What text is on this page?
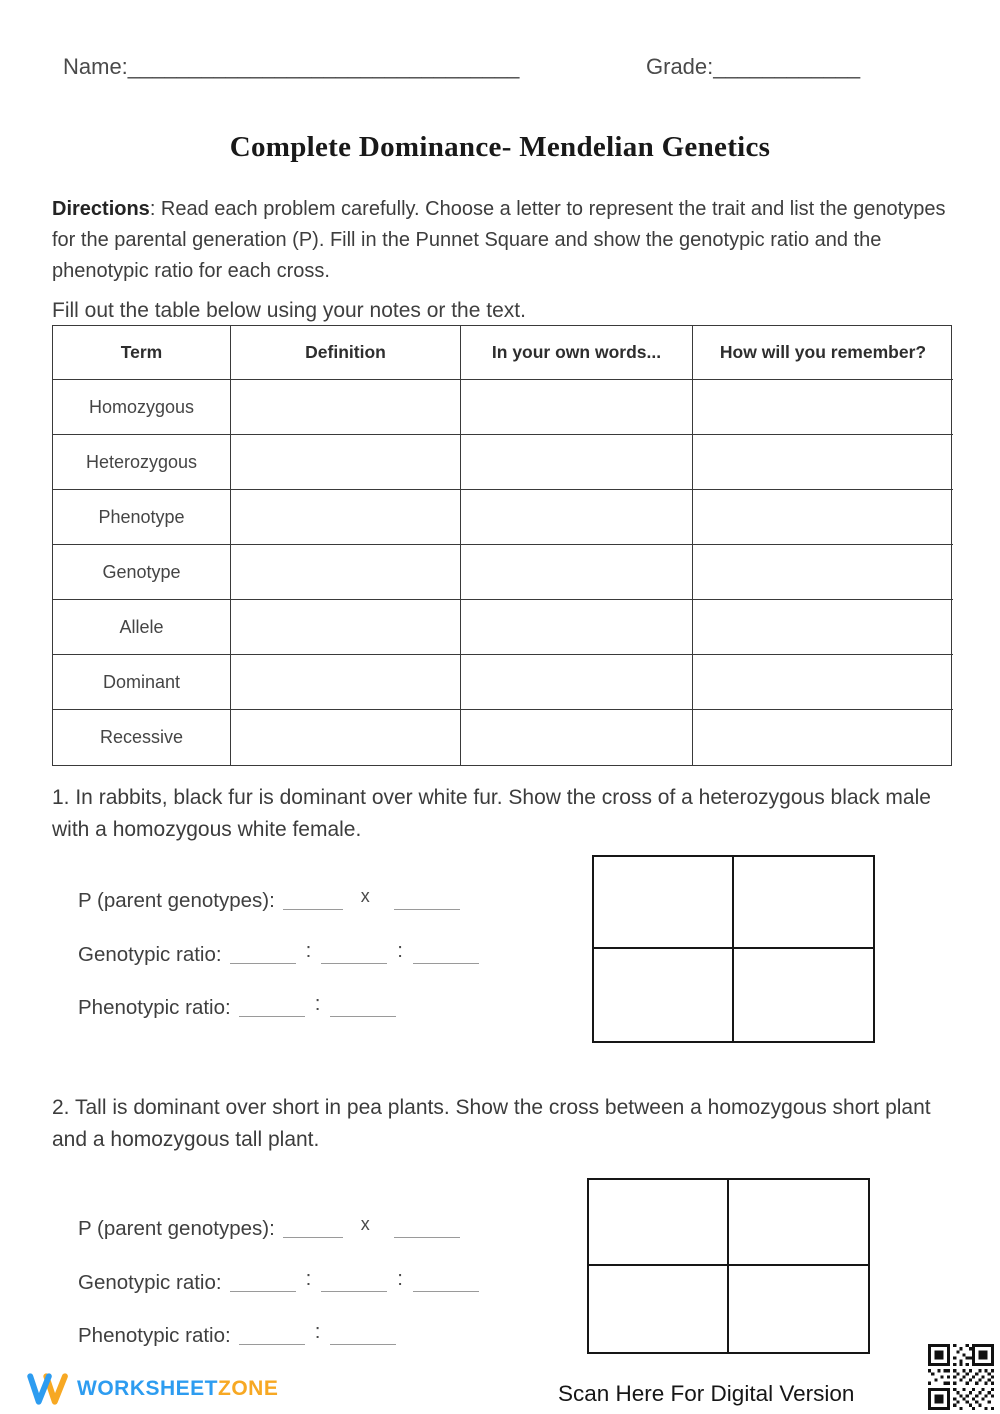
Name:________________________________	Grade:____________
Complete Dominance- Mendelian Genetics

Directions: Read each problem carefully. Choose a letter to represent the trait and list the genotypes for the parental generation (P). Fill in the Punnet Square and show the genotypic ratio and the phenotypic ratio for each cross.

Fill out the table below using your notes or the text.
Term	Definition	In your own words...	How will you remember?
Homozygous
Heterozygous
Phenotype
Genotype
Allele
Dominant
Recessive

1. In rabbits, black fur is dominant over white fur. Show the cross of a heterozygous black male with a homozygous white female.

P (parent genotypes):	x
Genotypic ratio:	:	:
Phenotypic ratio:	:

2. Tall is dominant over short in pea plants. Show the cross between a homozygous short plant and a homozygous tall plant.

P (parent genotypes):	x
Genotypic ratio:	:	:
Phenotypic ratio:	:
WORKSHEETZONE	Scan Here For Digital Version
